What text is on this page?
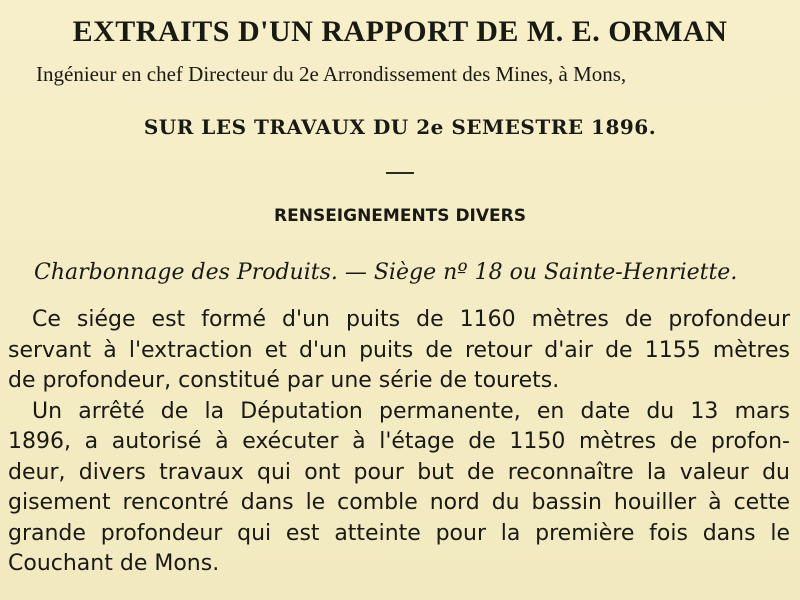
EXTRAITS D'UN RAPPORT DE M. E. ORMAN

Ingénieur en chef Directeur du 2e Arrondissement des Mines, à Mons,

SUR LES TRAVAUX DU 2e SEMESTRE 1896.

RENSEIGNEMENTS DIVERS

Charbonnage des Produits. — Siège nº 18 ou Sainte-Henriette.

Ce siége est formé d'un puits de 1160 mètres de profondeur
servant à l'extraction et d'un puits de retour d'air de 1155 mètres
de profondeur, constitué par une série de tourets.
Un arrêté de la Députation permanente, en date du 13 mars
1896, a autorisé à exécuter à l'étage de 1150 mètres de profon-
deur, divers travaux qui ont pour but de reconnaître la valeur du
gisement rencontré dans le comble nord du bassin houiller à cette
grande profondeur qui est atteinte pour la première fois dans le
Couchant de Mons.
